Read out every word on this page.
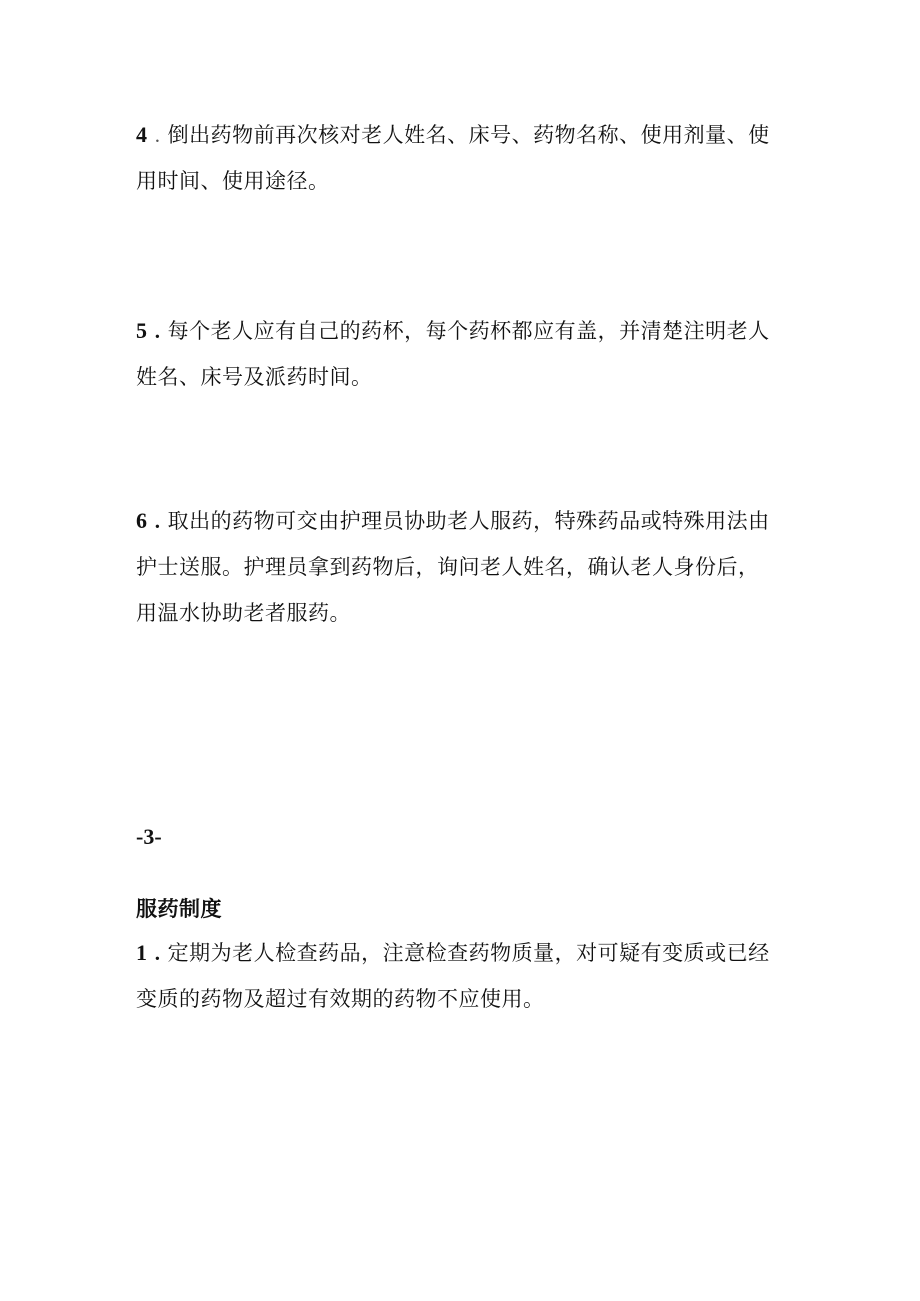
4 . 倒出药物前再次核对老人姓名、床号、药物名称、使用剂量、使
用时间、使用途径。

5 . 每个老人应有自己的药杯，每个药杯都应有盖，并清楚注明老人
姓名、床号及派药时间。

6 . 取出的药物可交由护理员协助老人服药，特殊药品或特殊用法由
护士送服。护理员拿到药物后，询问老人姓名，确认老人身份后，
用温水协助老者服药。

-3-
服药制度

1 . 定期为老人检查药品，注意检查药物质量，对可疑有变质或已经
变质的药物及超过有效期的药物不应使用。
